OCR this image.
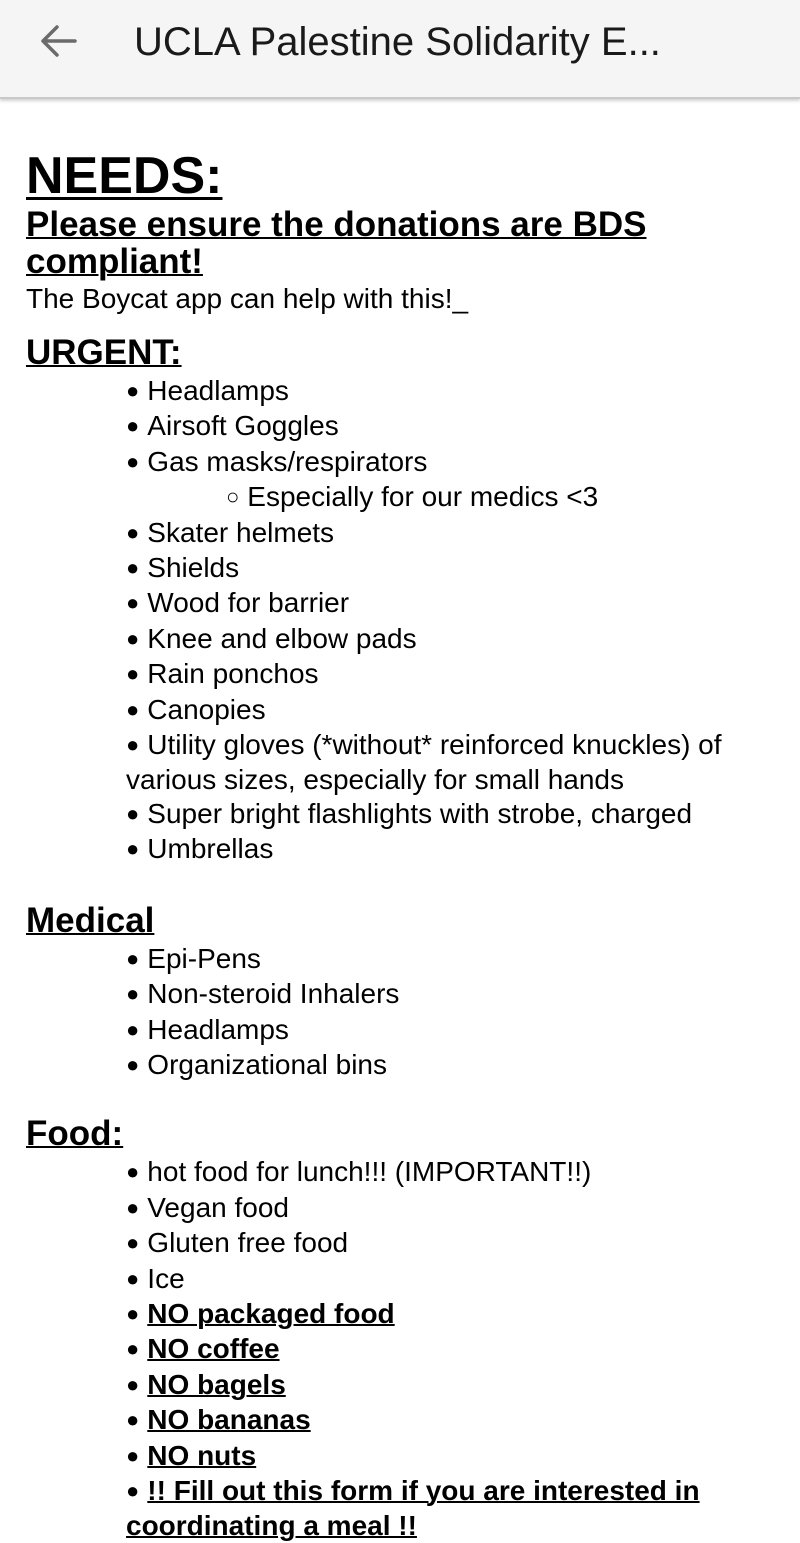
UCLA Palestine Solidarity E...

NEEDS:

Please ensure the donations are BDS compliant!

The Boycat app can help with this!_

URGENT:

● Headlamps
● Airsoft Goggles
● Gas masks/respirators
○ Especially for our medics <3
● Skater helmets
● Shields
● Wood for barrier
● Knee and elbow pads
● Rain ponchos
● Canopies
● Utility gloves (*without* reinforced knuckles) of various sizes, especially for small hands
● Super bright flashlights with strobe, charged
● Umbrellas

Medical

● Epi-Pens
● Non-steroid Inhalers
● Headlamps
● Organizational bins

Food:

● hot food for lunch!!! (IMPORTANT!!)
● Vegan food
● Gluten free food
● Ice
● NO packaged food
● NO coffee
● NO bagels
● NO bananas
● NO nuts
● !! Fill out this form if you are interested in coordinating a meal !!
